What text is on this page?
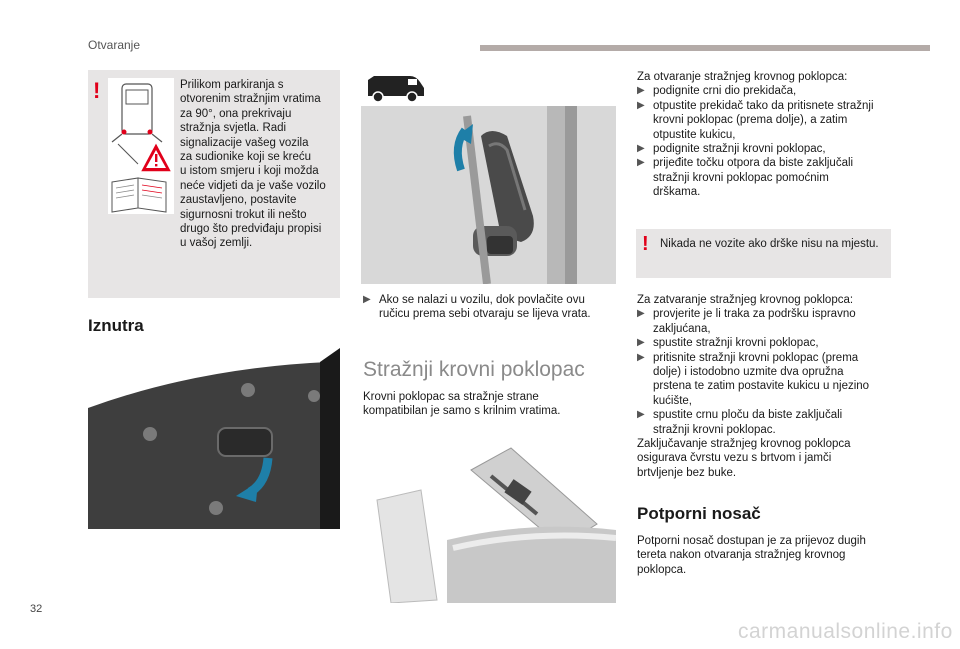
Otvaranje
!	Prilikom parkiranja s
otvorenim stražnjim vratima
za 90°, ona prekrivaju
stražnja svjetla. Radi
signalizacije vašeg vozila
za sudionike koji se kreću
u istom smjeru i koji možda
neće vidjeti da je vaše vozilo
zaustavljeno, postavite
sigurnosni trokut ili nešto
drugo što predviđaju propisi
u vašoj zemlji.
Iznutra
▶ Ako se nalazi u vozilu, dok povlačite ovu
ručicu prema sebi otvaraju se lijeva vrata.
Stražnji krovni poklopac
Krovni poklopac sa stražnje strane
kompatibilan je samo s krilnim vratima.
Za otvaranje stražnjeg krovnog poklopca:
▶ podignite crni dio prekidača,
▶ otpustite prekidač tako da pritisnete stražnji
krovni poklopac (prema dolje), a zatim
otpustite kukicu,
▶ podignite stražnji krovni poklopac,
▶ prijeđite točku otpora da biste zaključali
stražnji krovni poklopac pomoćnim
drškama.
! Nikada ne vozite ako drške nisu na mjestu.
Za zatvaranje stražnjeg krovnog poklopca:
▶ provjerite je li traka za podršku ispravno
zakljućana,
▶ spustite stražnji krovni poklopac,
▶ pritisnite stražnji krovni poklopac (prema
dolje) i istodobno uzmite dva opružna
prstena te zatim postavite kukicu u njezino
kućište,
▶ spustite crnu ploču da biste zaključali
stražnji krovni poklopac.
Zaključavanje stražnjeg krovnog poklopca
osigurava čvrstu vezu s brtvom i jamči
brtvljenje bez buke.
Potporni nosač
Potporni nosač dostupan je za prijevoz dugih
tereta nakon otvaranja stražnjeg krovnog
poklopca.
32
carmanualsonline.info
